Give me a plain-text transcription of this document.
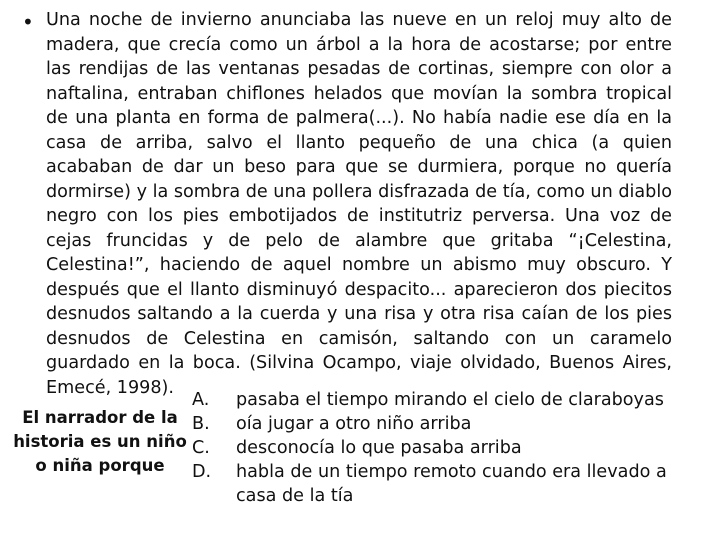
• Una noche de invierno anunciaba las nueve en un reloj muy alto de madera, que crecía como un árbol a la hora de acostarse; por entre las rendijas de las ventanas pesadas de cortinas, siempre con olor a naftalina, entraban chiflones helados que movían la sombra tropical de una planta en forma de palmera(...). No había nadie ese día en la casa de arriba, salvo el llanto pequeño de una chica (a quien acababan de dar un beso para que se durmiera, porque no quería dormirse) y la sombra de una pollera disfrazada de tía, como un diablo negro con los pies embotijados de institutriz perversa. Una voz de cejas fruncidas y de pelo de alambre que gritaba “¡Celestina, Celestina!”, haciendo de aquel nombre un abismo muy obscuro. Y después que el llanto disminuyó despacito... aparecieron dos piecitos desnudos saltando a la cuerda y una risa y otra risa caían de los pies desnudos de Celestina en camisón, saltando con un caramelo guardado en la boca. (Silvina Ocampo, viaje olvidado, Buenos Aires, Emecé, 1998).

El narrador de la historia es un niño o niña porque
A.	pasaba el tiempo mirando el cielo de claraboyas
B.	oía jugar a otro niño arriba
C.	desconocía lo que pasaba arriba
D.	habla de un tiempo remoto cuando era llevado a casa de la tía
